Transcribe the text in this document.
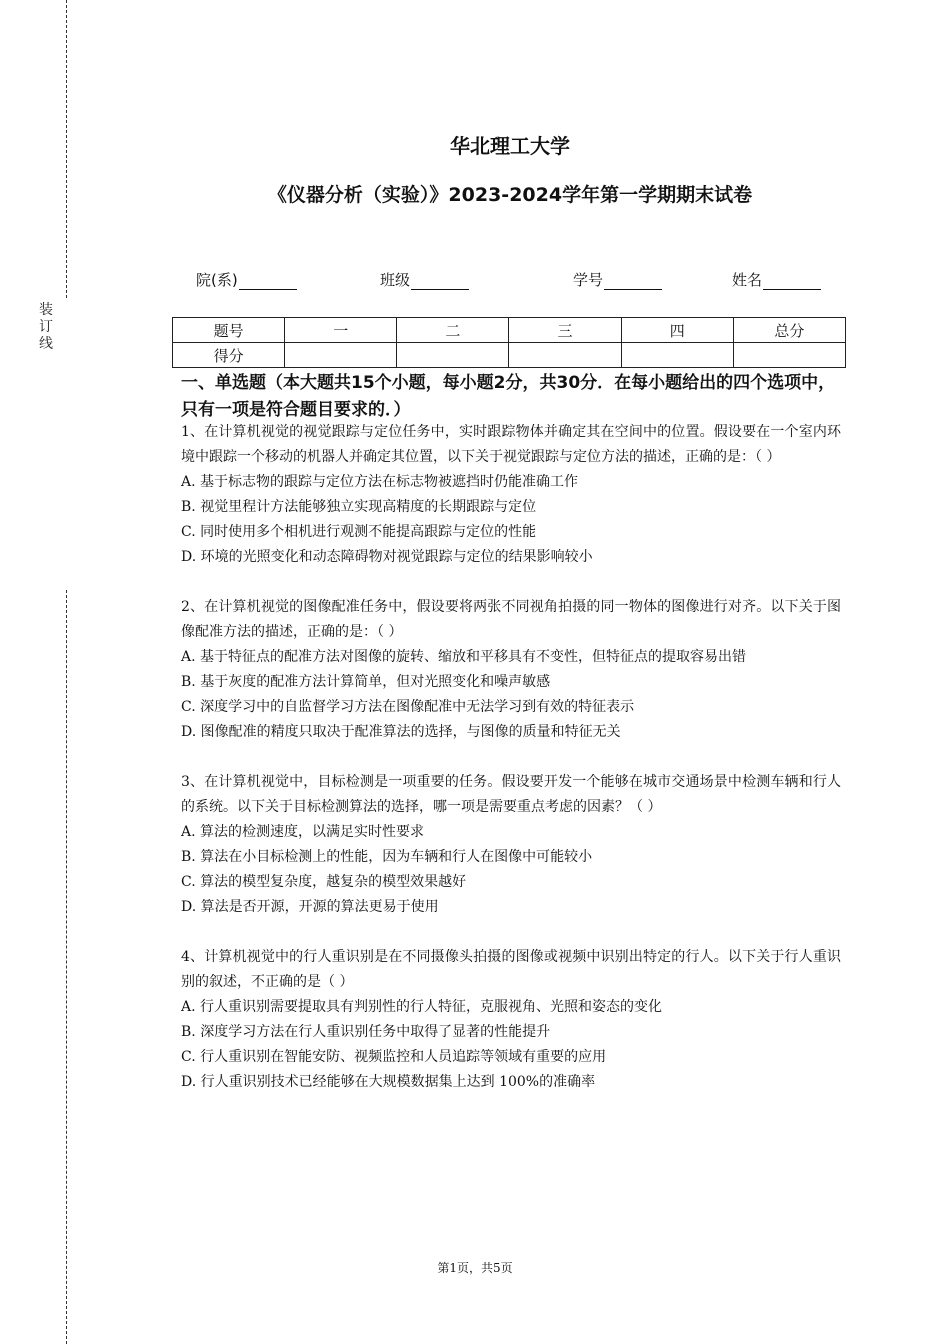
装
订
线
华北理工大学
《仪器分析（实验）》2023-2024学年第一学期期末试卷
院(系)	班级	学号	姓名
题号	一	二	三	四	总分
得分					
一、单选题（本大题共15个小题，每小题2分，共30分．在每小题给出的四个选项中，只有一项是符合题目要求的．）

1、在计算机视觉的视觉跟踪与定位任务中，实时跟踪物体并确定其在空间中的位置。假设要在一个室内环境中跟踪一个移动的机器人并确定其位置，以下关于视觉跟踪与定位方法的描述，正确的是：（ ）

A. 基于标志物的跟踪与定位方法在标志物被遮挡时仍能准确工作

B. 视觉里程计方法能够独立实现高精度的长期跟踪与定位

C. 同时使用多个相机进行观测不能提高跟踪与定位的性能

D. 环境的光照变化和动态障碍物对视觉跟踪与定位的结果影响较小

2、在计算机视觉的图像配准任务中，假设要将两张不同视角拍摄的同一物体的图像进行对齐。以下关于图像配准方法的描述，正确的是：（ ）

A. 基于特征点的配准方法对图像的旋转、缩放和平移具有不变性，但特征点的提取容易出错

B. 基于灰度的配准方法计算简单，但对光照变化和噪声敏感

C. 深度学习中的自监督学习方法在图像配准中无法学习到有效的特征表示

D. 图像配准的精度只取决于配准算法的选择，与图像的质量和特征无关

3、在计算机视觉中，目标检测是一项重要的任务。假设要开发一个能够在城市交通场景中检测车辆和行人的系统。以下关于目标检测算法的选择，哪一项是需要重点考虑的因素？（ ）

A. 算法的检测速度，以满足实时性要求

B. 算法在小目标检测上的性能，因为车辆和行人在图像中可能较小

C. 算法的模型复杂度，越复杂的模型效果越好

D. 算法是否开源，开源的算法更易于使用

4、计算机视觉中的行人重识别是在不同摄像头拍摄的图像或视频中识别出特定的行人。以下关于行人重识别的叙述，不正确的是（ ）

A. 行人重识别需要提取具有判别性的行人特征，克服视角、光照和姿态的变化

B. 深度学习方法在行人重识别任务中取得了显著的性能提升

C. 行人重识别在智能安防、视频监控和人员追踪等领域有重要的应用

D. 行人重识别技术已经能够在大规模数据集上达到 100%的准确率

第1页，共5页
